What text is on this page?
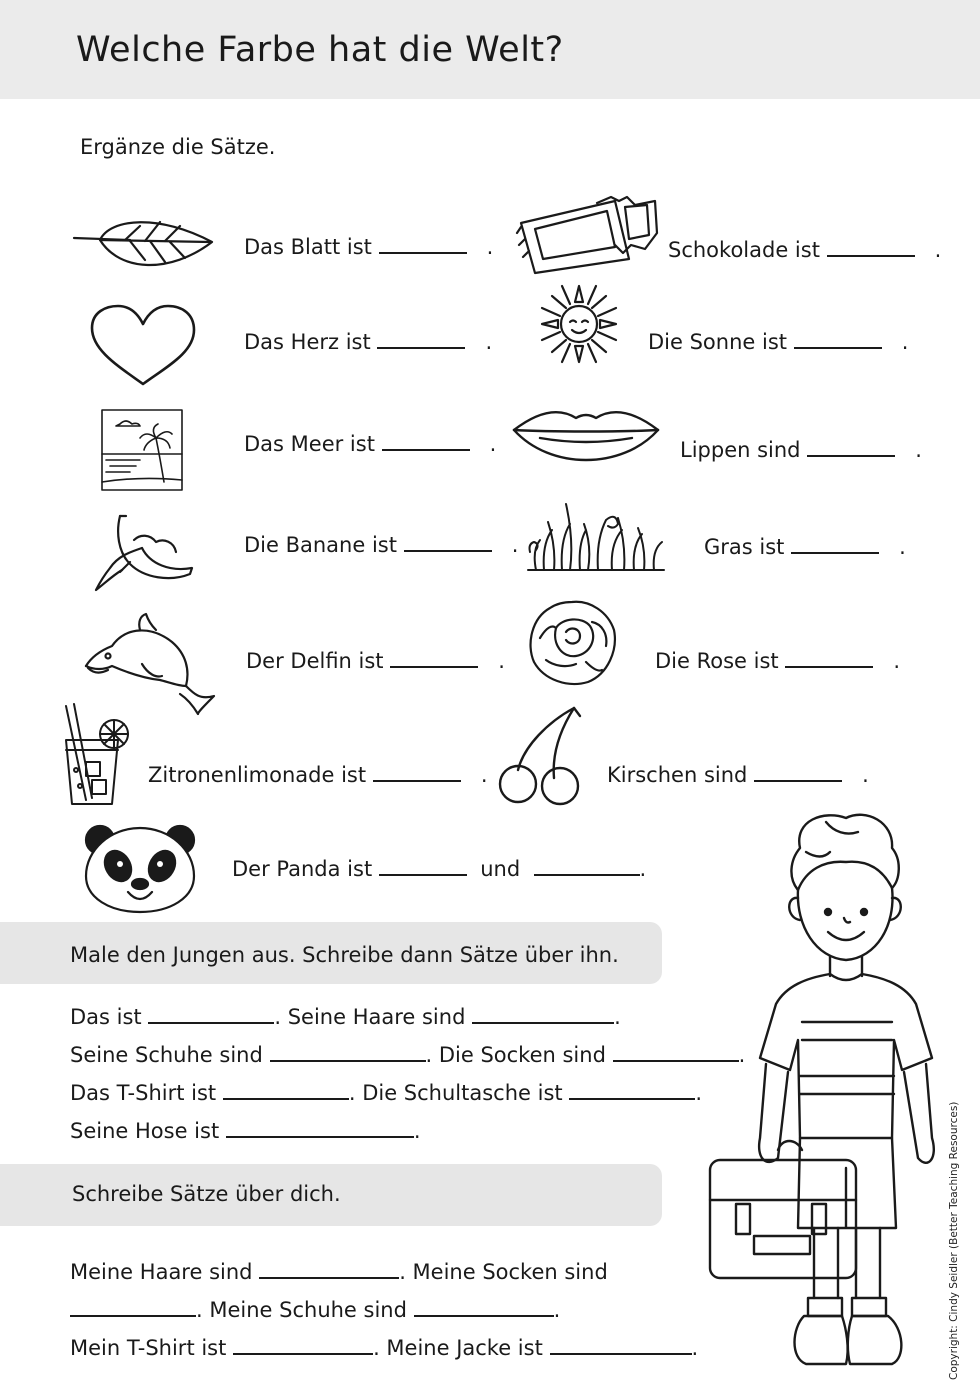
Welche Farbe hat die Welt?
Ergänze die Sätze.
Das Blatt ist	.	Schokolade ist	.
Das Herz ist	.	Die Sonne ist	.
Das Meer ist	.	Lippen sind	.
Die Banane ist	.	Gras ist	.
Der Delfin ist	.	Die Rose ist	.
Zitronenlimonade ist	.	Kirschen sind	.
Der Panda ist	und	.
Male den Jungen aus. Schreibe dann Sätze über ihn.
Das ist	. Seine Haare sind	.
Seine Schuhe sind	. Die Socken sind	.
Das T-Shirt ist	. Die Schultasche ist	.
Seine Hose ist	.
Schreibe Sätze über dich.
Meine Haare sind	. Meine Socken sind
. Meine Schuhe sind	.
Mein T-Shirt ist	. Meine Jacke ist	.	Copyright: Cindy Seidler (Better Teaching Resources)
